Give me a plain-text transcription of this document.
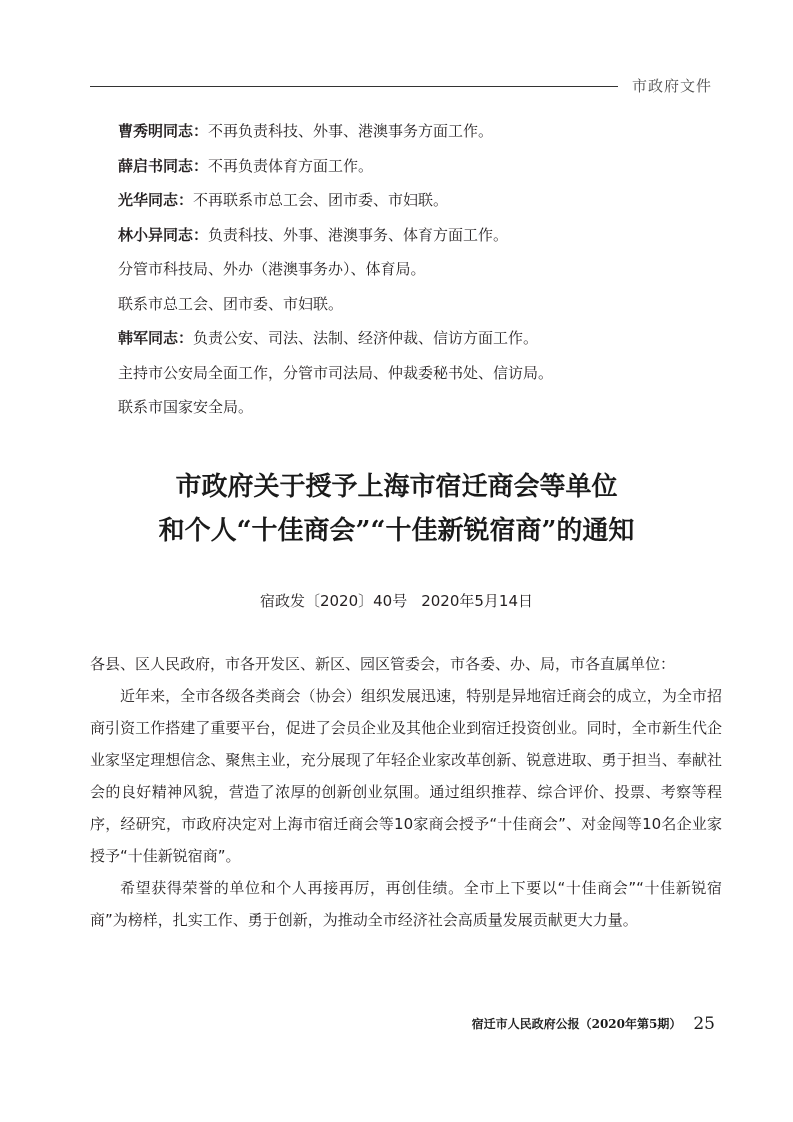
市政府文件
曹秀明同志：不再负责科技、外事、港澳事务方面工作。
薛启书同志：不再负责体育方面工作。
光华同志：不再联系市总工会、团市委、市妇联。
林小异同志：负责科技、外事、港澳事务、体育方面工作。
分管市科技局、外办（港澳事务办）、体育局。
联系市总工会、团市委、市妇联。
韩军同志：负责公安、司法、法制、经济仲裁、信访方面工作。
主持市公安局全面工作，分管市司法局、仲裁委秘书处、信访局。
联系市国家安全局。
市政府关于授予上海市宿迁商会等单位
和个人“十佳商会”“十佳新锐宿商”的通知
宿政发〔2020〕40号 2020年5月14日

各县、区人民政府，市各开发区、新区、园区管委会，市各委、办、局，市各直属单位：

近年来，全市各级各类商会（协会）组织发展迅速，特别是异地宿迁商会的成立，为全市招商引资工作搭建了重要平台，促进了会员企业及其他企业到宿迁投资创业。同时，全市新生代企业家坚定理想信念、聚焦主业，充分展现了年轻企业家改革创新、锐意进取、勇于担当、奉献社会的良好精神风貌，营造了浓厚的创新创业氛围。通过组织推荐、综合评价、投票、考察等程序，经研究，市政府决定对上海市宿迁商会等10家商会授予“十佳商会”、对金闯等10名企业家授予“十佳新锐宿商”。

希望获得荣誉的单位和个人再接再厉，再创佳绩。全市上下要以“十佳商会”“十佳新锐宿商”为榜样，扎实工作、勇于创新，为推动全市经济社会高质量发展贡献更大力量。

宿迁市人民政府公报（2020年第5期） 25
